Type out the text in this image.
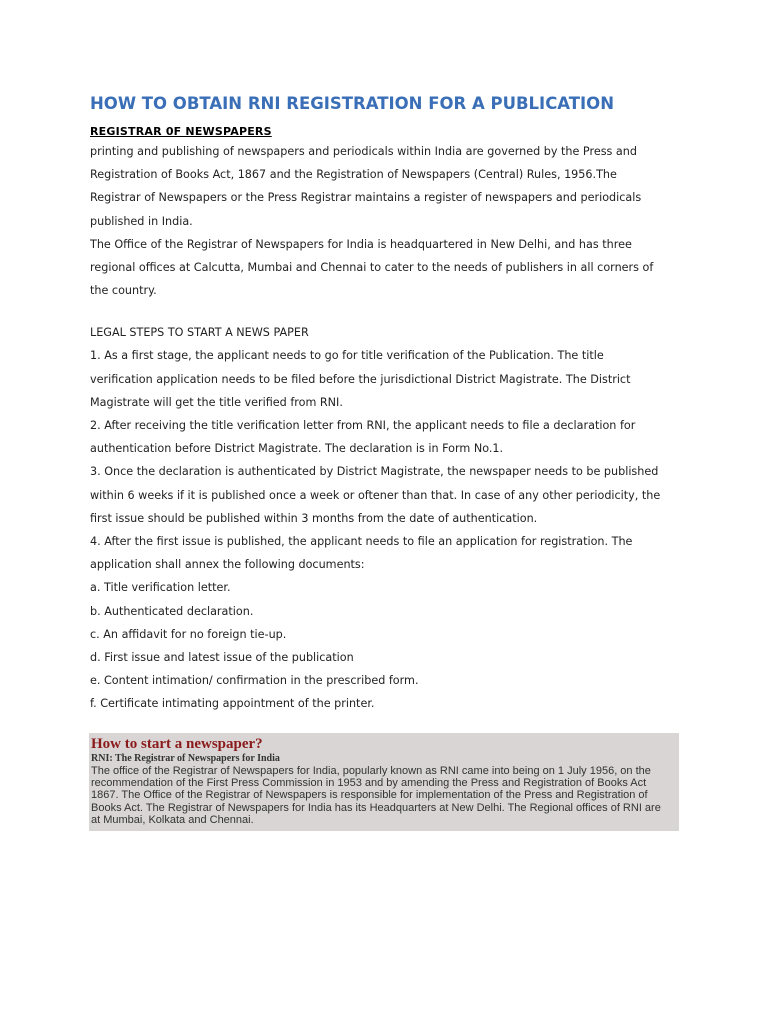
HOW TO OBTAIN RNI REGISTRATION FOR A PUBLICATION
REGISTRAR 0F NEWSPAPERS
printing and publishing of newspapers and periodicals within India are governed by the Press and
Registration of Books Act, 1867 and the Registration of Newspapers (Central) Rules, 1956.The
Registrar of Newspapers or the Press Registrar maintains a register of newspapers and periodicals
published in India.
The Office of the Registrar of Newspapers for India is headquartered in New Delhi, and has three
regional offices at Calcutta, Mumbai and Chennai to cater to the needs of publishers in all corners of
the country.
LEGAL STEPS TO START A NEWS PAPER
1. As a first stage, the applicant needs to go for title verification of the Publication. The title
verification application needs to be filed before the jurisdictional District Magistrate. The District
Magistrate will get the title verified from RNI.
2. After receiving the title verification letter from RNI, the applicant needs to file a declaration for
authentication before District Magistrate. The declaration is in Form No.1.
3. Once the declaration is authenticated by District Magistrate, the newspaper needs to be published
within 6 weeks if it is published once a week or oftener than that. In case of any other periodicity, the
first issue should be published within 3 months from the date of authentication.
4. After the first issue is published, the applicant needs to file an application for registration. The
application shall annex the following documents:
a. Title verification letter.
b. Authenticated declaration.
c. An affidavit for no foreign tie-up.
d. First issue and latest issue of the publication
e. Content intimation/ confirmation in the prescribed form.
f. Certificate intimating appointment of the printer.
How to start a newspaper?
RNI: The Registrar of Newspapers for India
The office of the Registrar of Newspapers for India, popularly known as RNI came into being on 1 July 1956, on the
recommendation of the First Press Commission in 1953 and by amending the Press and Registration of Books Act
1867. The Office of the Registrar of Newspapers is responsible for implementation of the Press and Registration of
Books Act. The Registrar of Newspapers for India has its Headquarters at New Delhi. The Regional offices of RNI are
at Mumbai, Kolkata and Chennai.
